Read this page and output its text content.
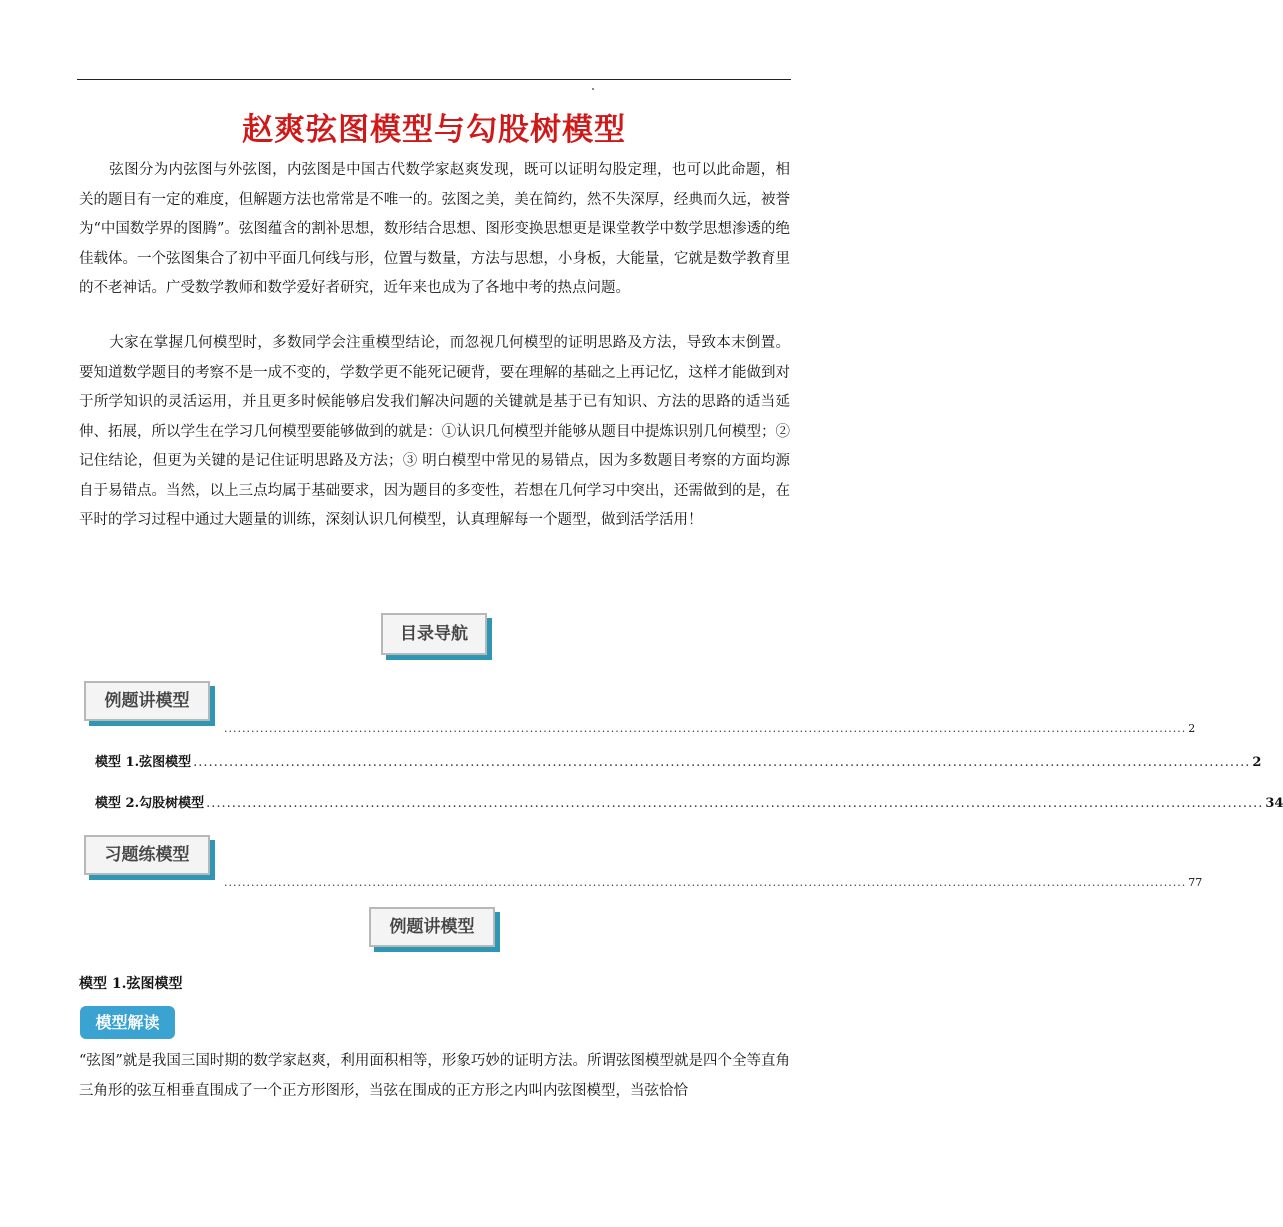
赵爽弦图模型与勾股树模型
弦图分为内弦图与外弦图，内弦图是中国古代数学家赵爽发现，既可以证明勾股定理，也可以此命题，相关的题目有一定的难度，但解题方法也常常是不唯一的。弦图之美，美在简约，然不失深厚，经典而久远，被誉为“中国数学界的图腾”。弦图蕴含的割补思想，数形结合思想、图形变换思想更是课堂教学中数学思想渗透的绝佳载体。一个弦图集合了初中平面几何线与形，位置与数量，方法与思想，小身板，大能量，它就是数学教育里的不老神话。广受数学教师和数学爱好者研究，近年来也成为了各地中考的热点问题。
大家在掌握几何模型时，多数同学会注重模型结论，而忽视几何模型的证明思路及方法，导致本末倒置。要知道数学题目的考察不是一成不变的，学数学更不能死记硬背，要在理解的基础之上再记忆，这样才能做到对于所学知识的灵活运用，并且更多时候能够启发我们解决问题的关键就是基于已有知识、方法的思路的适当延伸、拓展，所以学生在学习几何模型要能够做到的就是：①认识几何模型并能够从题目中提炼识别几何模型；②记住结论，但更为关键的是记住证明思路及方法；③ 明白模型中常见的易错点，因为多数题目考察的方面均源自于易错点。当然，以上三点均属于基础要求，因为题目的多变性，若想在几何学习中突出，还需做到的是，在平时的学习过程中通过大题量的训练，深刻认识几何模型，认真理解每一个题型，做到活学活用！
目录导航
例题讲模型
...................................................................................................................................................................................................................... 2
模型 1.弦图模型 .............................................................................................................................................................................................................. 2
模型 2.勾股树模型 .............................................................................................................................................................................................................. 34
习题练模型
...................................................................................................................................................................................................................... 77
例题讲模型
模型 1.弦图模型
模型解读
“弦图”就是我国三国时期的数学家赵爽，利用面积相等，形象巧妙的证明方法。所谓弦图模型就是四个全等直角三角形的弦互相垂直围成了一个正方形图形，当弦在围成的正方形之内叫内弦图模型，当弦恰恰
